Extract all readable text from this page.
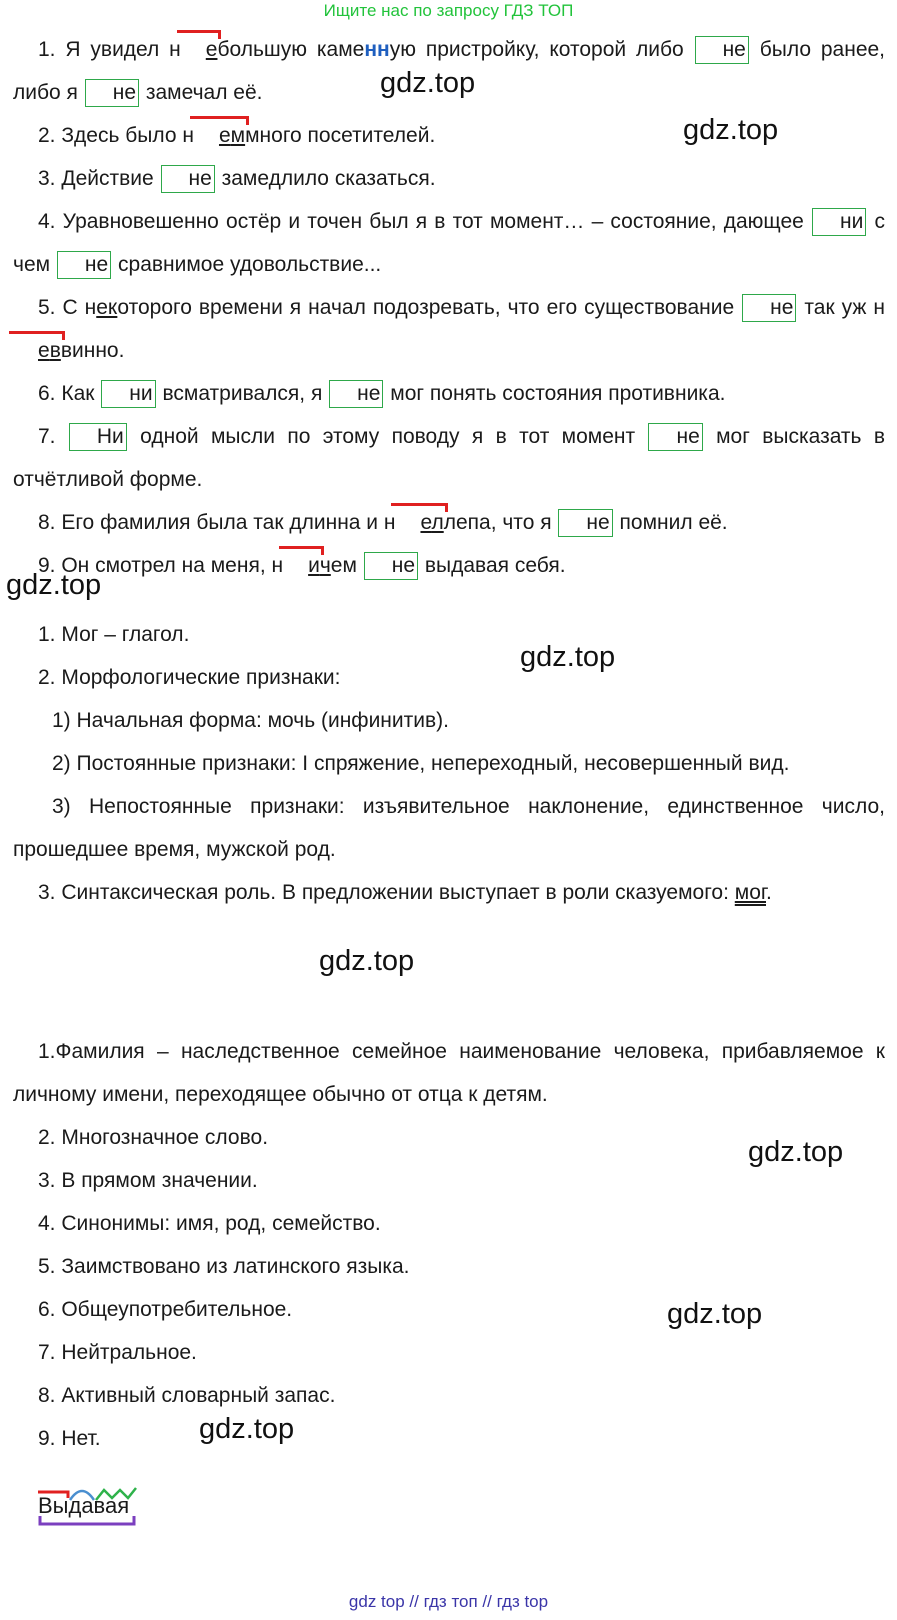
Ищите нас по запросу ГДЗ ТОП

1. Я увидел н ебольшую каменную пристройку, которой либо не было ранее, либо я не замечал её.

2. Здесь было н еммного посетителей.

3. Действие не замедлило сказаться.

4. Уравновешенно остёр и точен был я в тот момент… – состояние, дающее ни с чем не сравнимое удовольствие...

5. С некоторого времени я начал подозревать, что его существование не так уж неввинно.

6. Как ни всматривался, я не мог понять состояния противника.

7. Ни одной мысли по этому поводу я в тот момент не мог высказать в отчётливой форме.

8. Его фамилия была так длинна и н еллепа, что я не помнил её.

9. Он смотрел на меня, н ичем не выдавая себя.

1. Мог – глагол.

2. Морфологические признаки:

1) Начальная форма: мочь (инфинитив).

2) Постоянные признаки: I спряжение, непереходный, несовершенный вид.

3) Непостоянные признаки: изъявительное наклонение, единственное число, прошедшее время, мужской род.

3. Синтаксическая роль. В предложении выступает в роли сказуемого: мог.

1.Фамилия – наследственное семейное наименование человека, прибавляемое к личному имени, переходящее обычно от отца к детям.

2. Многозначное слово.

3. В прямом значении.

4. Синонимы: имя, род, семейство.

5. Заимствовано из латинского языка.

6. Общеупотребительное.

7. Нейтральное.

8. Активный словарный запас.

9. Нет.

Выдавая
gdz.top
gdz.top
gdz.top
gdz.top
gdz.top
gdz.top
gdz.top
gdz.top
gdz top // гдз топ // гдз top
